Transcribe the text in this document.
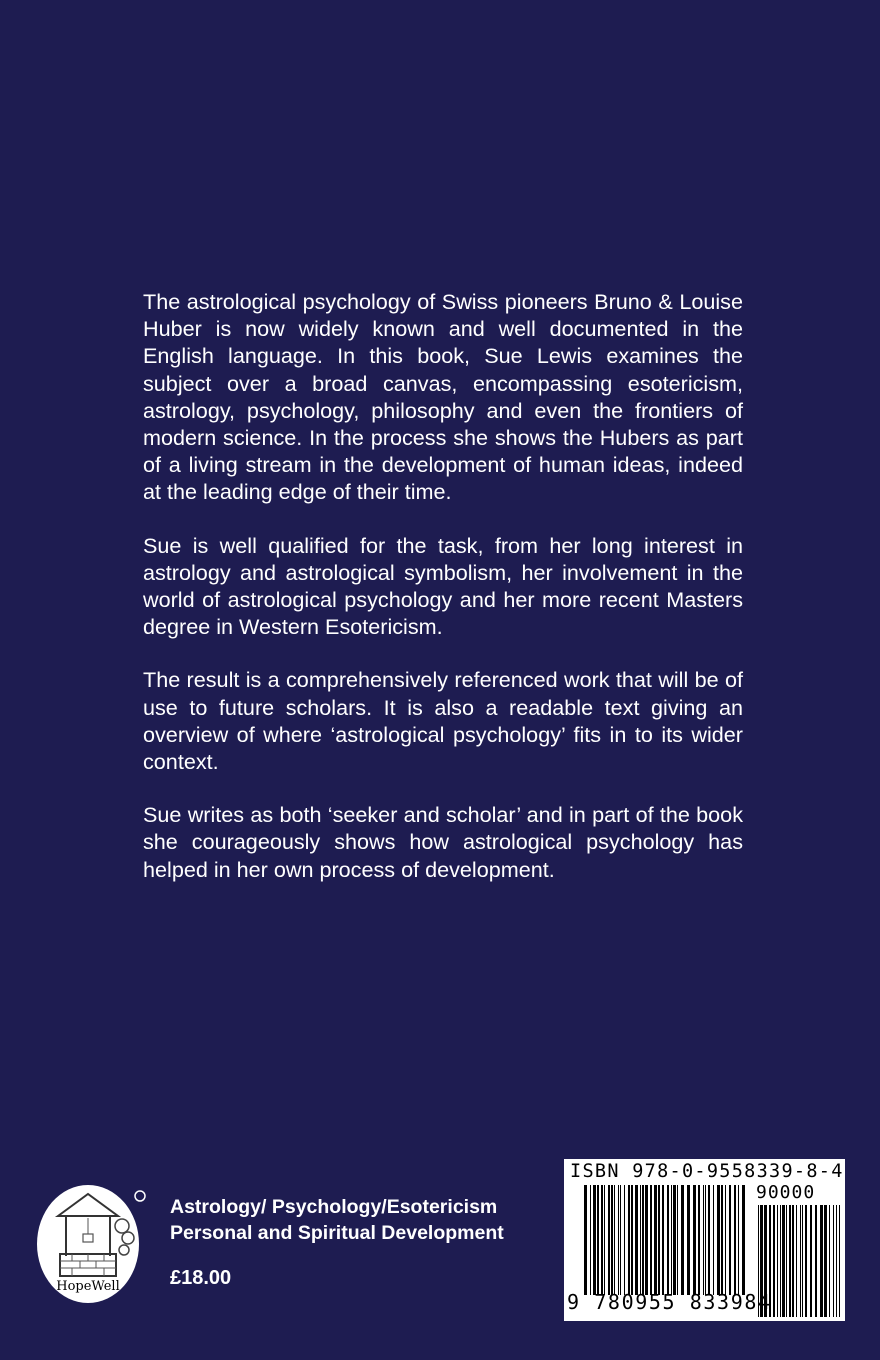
The astrological psychology of Swiss pioneers Bruno & Louise Huber is now widely known and well documented in the English language. In this book, Sue Lewis examines the subject over a broad canvas, encompassing esotericism, astrology, psychology, philosophy and even the frontiers of modern science. In the process she shows the Hubers as part of a living stream in the development of human ideas, indeed at the leading edge of their time.

Sue is well qualified for the task, from her long interest in astrology and astrological symbolism, her involvement in the world of astrological psychology and her more recent Masters degree in Western Esotericism.

The result is a comprehensively referenced work that will be of use to future scholars. It is also a readable text giving an overview of where ‘astrological psychology’ fits in to its wider context.

Sue writes as both ‘seeker and scholar’ and in part of the book she courageously shows how astrological psychology has helped in her own process of development.

HopeWell
Astrology/ Psychology/Esotericism
Personal and Spiritual Development
£18.00
ISBN 978-0-9558339-8-4
90000
9 780955 833984
